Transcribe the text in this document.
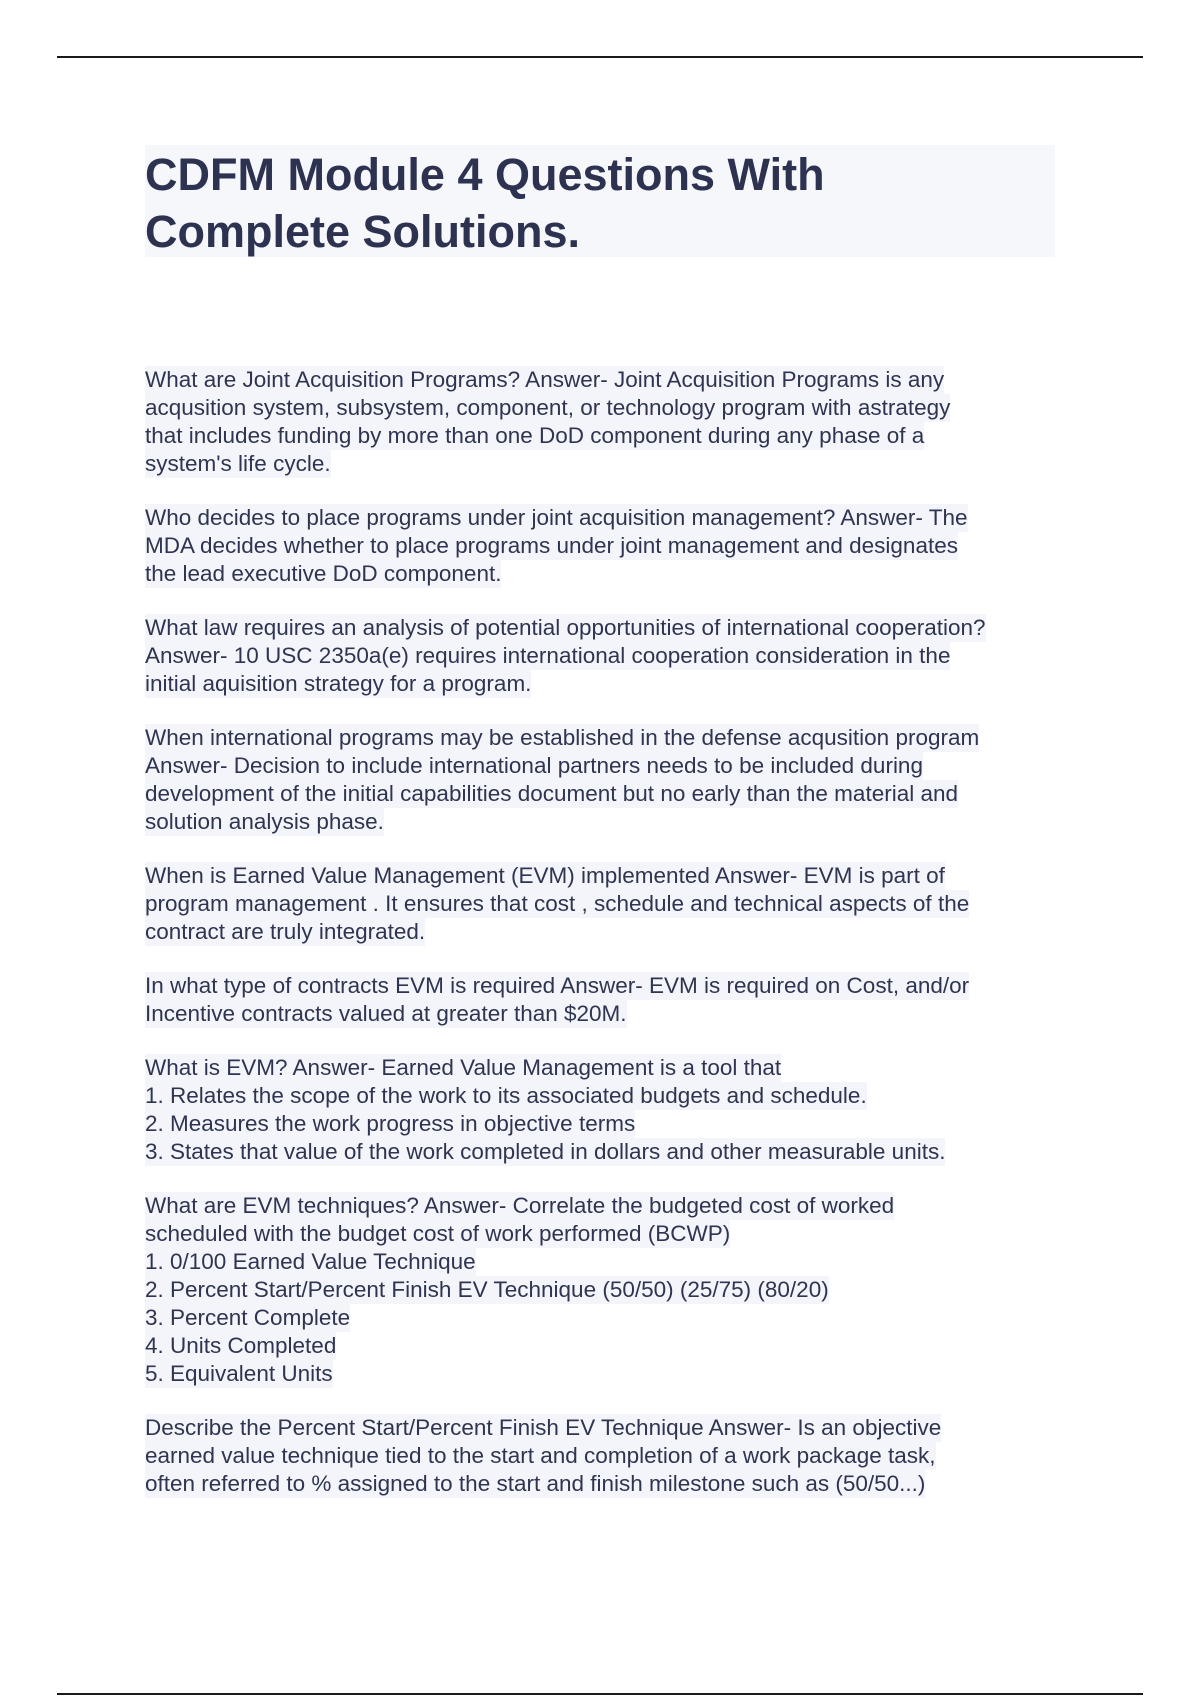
CDFM Module 4 Questions With
Complete Solutions.

What are Joint Acquisition Programs? Answer- Joint Acquisition Programs is any
acqusition system, subsystem, component, or technology program with astrategy
that includes funding by more than one DoD component during any phase of a
system's life cycle.

Who decides to place programs under joint acquisition management? Answer- The
MDA decides whether to place programs under joint management and designates
the lead executive DoD component.

What law requires an analysis of potential opportunities of international cooperation?
Answer- 10 USC 2350a(e) requires international cooperation consideration in the
initial aquisition strategy for a program.

When international programs may be established in the defense acqusition program
Answer- Decision to include international partners needs to be included during
development of the initial capabilities document but no early than the material and
solution analysis phase.

When is Earned Value Management (EVM) implemented Answer- EVM is part of
program management . It ensures that cost , schedule and technical aspects of the
contract are truly integrated.

In what type of contracts EVM is required Answer- EVM is required on Cost, and/or
Incentive contracts valued at greater than $20M.

What is EVM? Answer- Earned Value Management is a tool that
1. Relates the scope of the work to its associated budgets and schedule.
2. Measures the work progress in objective terms
3. States that value of the work completed in dollars and other measurable units.

What are EVM techniques? Answer- Correlate the budgeted cost of worked
scheduled with the budget cost of work performed (BCWP)
1. 0/100 Earned Value Technique
2. Percent Start/Percent Finish EV Technique (50/50) (25/75) (80/20)
3. Percent Complete
4. Units Completed
5. Equivalent Units

Describe the Percent Start/Percent Finish EV Technique Answer- Is an objective
earned value technique tied to the start and completion of a work package task,
often referred to % assigned to the start and finish milestone such as (50/50...)
